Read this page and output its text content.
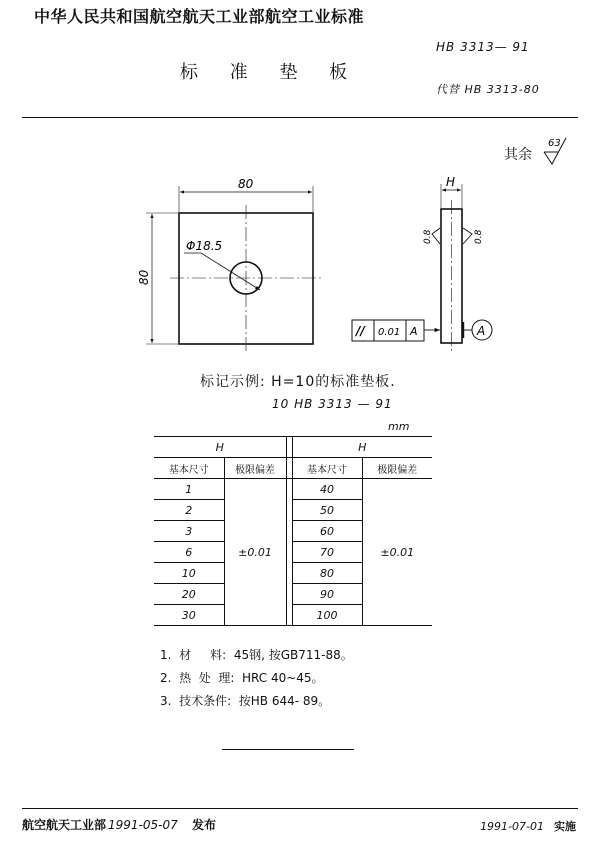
中华人民共和国航空航天工业部航空工业标准
HB 3313— 91
标 准 垫 板
代替 HB 3313-80
其余
63
Φ18.5
80
80
H
0.8	0.8
// 0.01 A	A
标记示例: H=10的标准垫板.
10 HB 3313 — 91
mm
H			H	
基本尺寸	极限偏差		基本尺寸	极限偏差
1	±0.01		40	±0.01
2			50	
3			60	
6			70	
10			80	
20			90	
30			100	
1.  材     料:  45钢, 按GB711-88。
2.  热  处  理:  HRC 40~45。
3.  技术条件:  按HB 644- 89。
航空航天工业部 1991-05-07 发布	1991-07-01 实施
